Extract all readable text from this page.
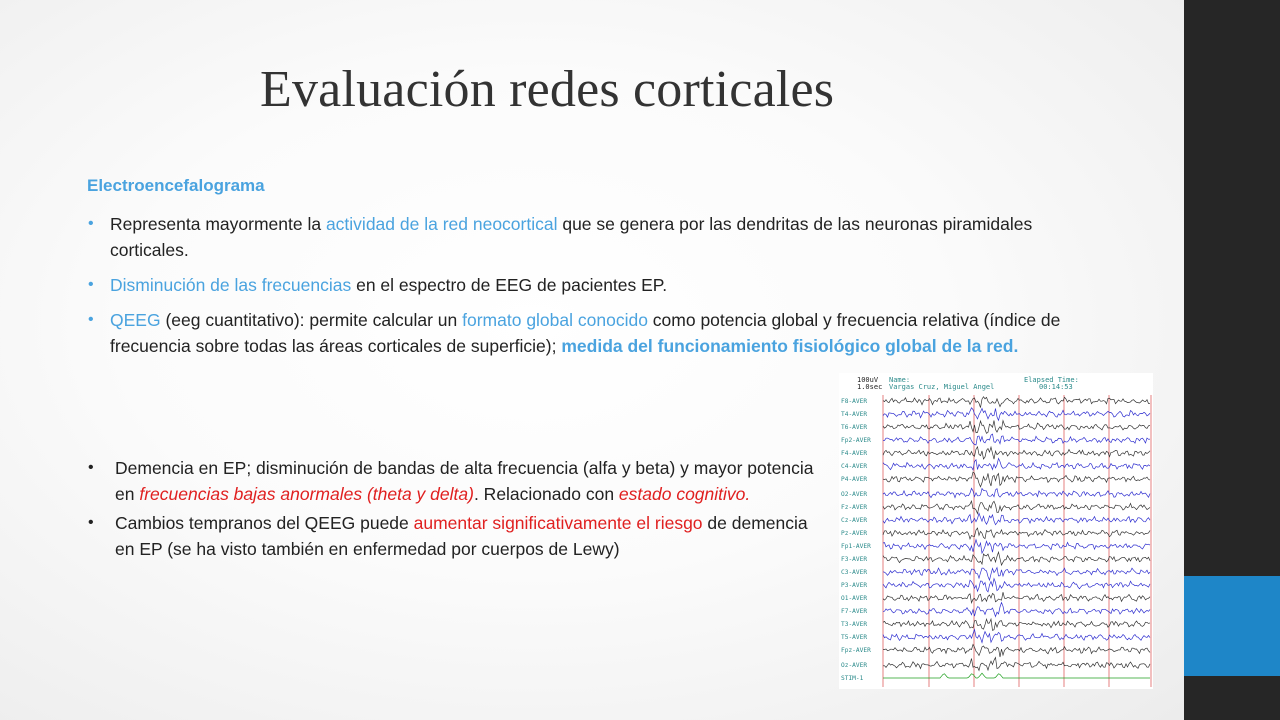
Evaluación redes corticales
Electroencefalograma
• Representa mayormente la actividad de la red neocortical que se genera por las dendritas de las neuronas piramidales corticales.
• Disminución de las frecuencias en el espectro de EEG de pacientes EP.
• QEEG (eeg cuantitativo): permite calcular un formato global conocido como potencia global y frecuencia relativa (índice de frecuencia sobre todas las áreas corticales de superficie); medida del funcionamiento fisiológico global de la red.
• Demencia en EP; disminución de bandas de alta frecuencia (alfa y beta) y mayor potencia en frecuencias bajas anormales (theta y delta). Relacionado con estado cognitivo.
• Cambios tempranos del QEEG puede aumentar significativamente el riesgo de demencia en EP (se ha visto también en enfermedad por cuerpos de Lewy)
100uV
1.0sec
Name:
Vargas Cruz, Miguel Angel
Elapsed Time:
00:14:53
F8-AVER
T4-AVER
T6-AVER
Fp2-AVER
F4-AVER
C4-AVER
P4-AVER
O2-AVER
Fz-AVER
Cz-AVER
Pz-AVER
Fp1-AVER
F3-AVER
C3-AVER
P3-AVER
O1-AVER
F7-AVER
T3-AVER
T5-AVER
Fpz-AVER
Oz-AVER
STIM-1
